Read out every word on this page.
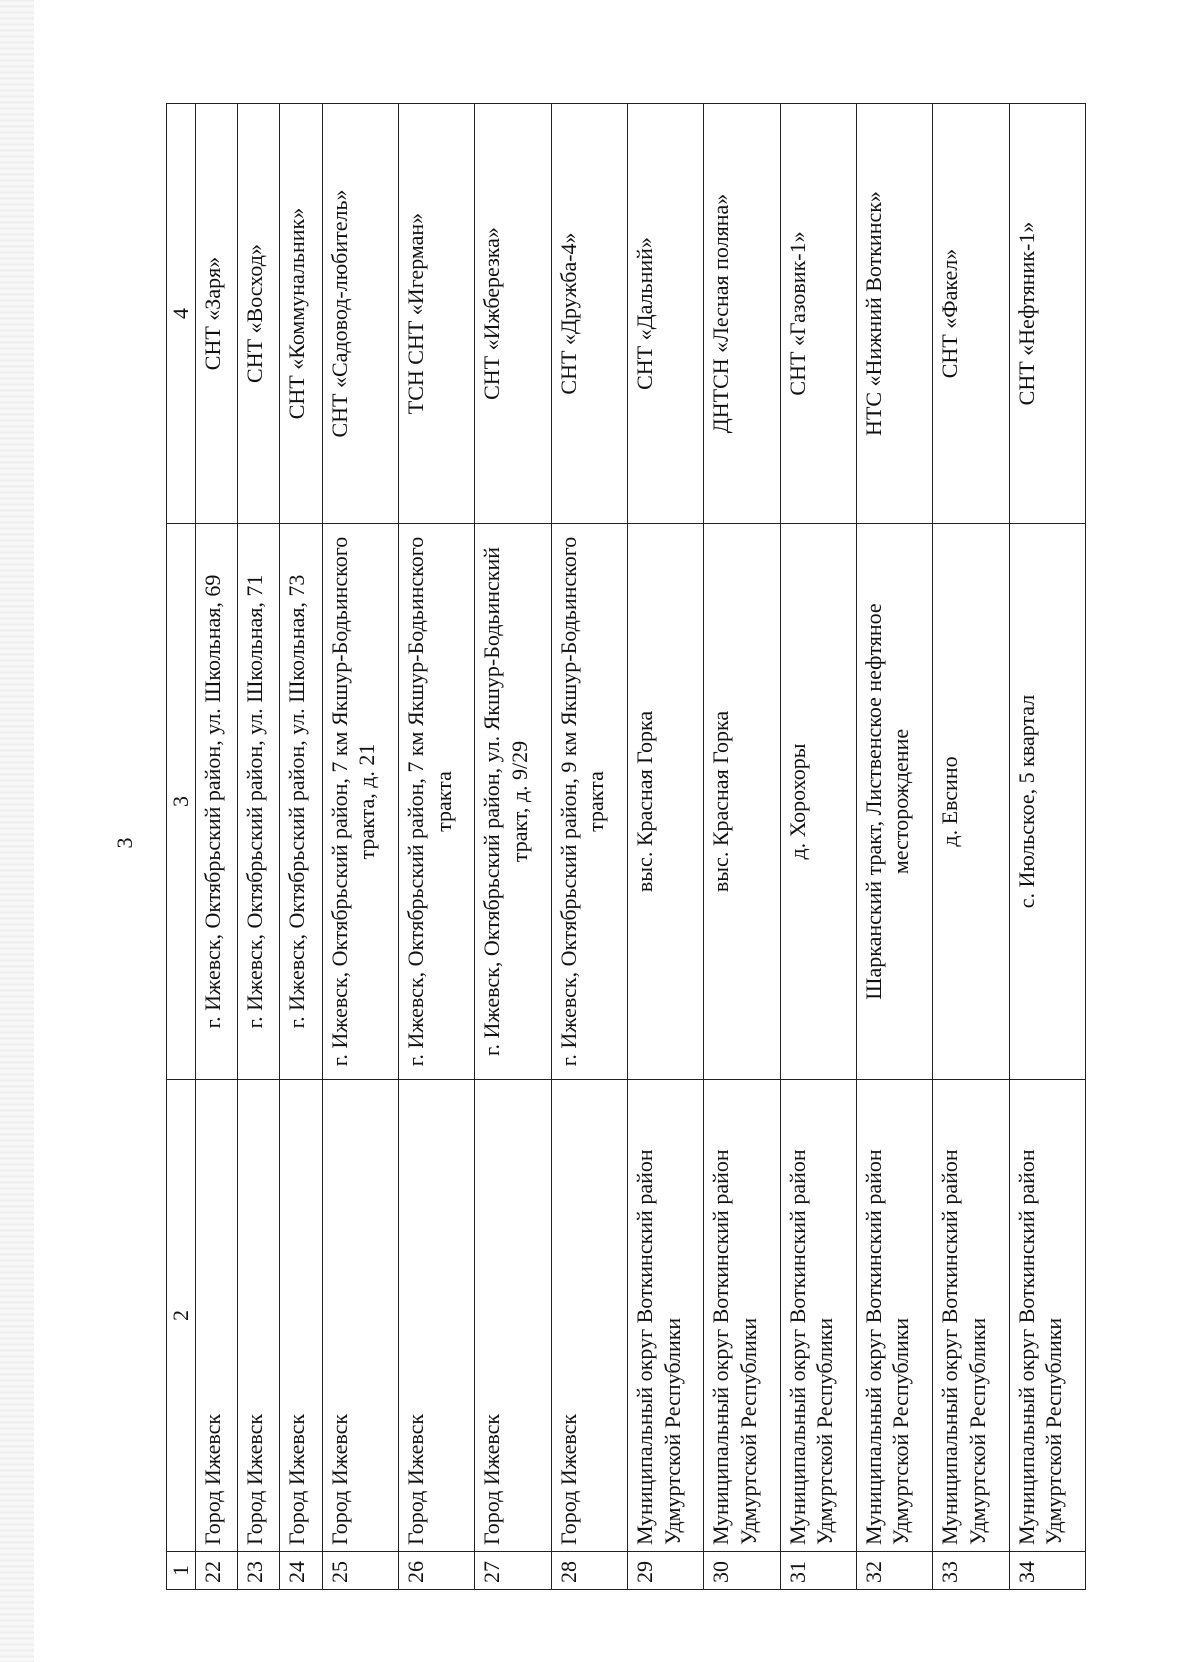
3
1	2	3	4
22	Город Ижевск	г. Ижевск, Октябрьский район, ул. Школьная, 69	СНТ «Заря»
23	Город Ижевск	г. Ижевск, Октябрьский район, ул. Школьная, 71	СНТ «Восход»
24	Город Ижевск	г. Ижевск, Октябрьский район, ул. Школьная, 73	СНТ «Коммунальник»
25	Город Ижевск	г. Ижевск, Октябрьский район, 7 км Якшур-Бодьинского тракта, д. 21	СНТ «Садовод-любитель»
26	Город Ижевск	г. Ижевск, Октябрьский район, 7 км Якшур-Бодьинского тракта	ТСН СНТ «Игерман»
27	Город Ижевск	г. Ижевск, Октябрьский район, ул. Якшур-Бодьинский тракт, д. 9/29	СНТ «Ижберезка»
28	Город Ижевск	г. Ижевск, Октябрьский район, 9 км Якшур-Бодьинского тракта	СНТ «Дружба-4»
29	Муниципальный округ Воткинский район Удмуртской Республики	выс. Красная Горка	СНТ «Дальний»
30	Муниципальный округ Воткинский район Удмуртской Республики	выс. Красная Горка	ДНТСН «Лесная поляна»
31	Муниципальный округ Воткинский район Удмуртской Республики	д. Хорохоры	СНТ «Газовик-1»
32	Муниципальный округ Воткинский район Удмуртской Республики	Шарканский тракт, Лиственское нефтяное месторождение	НТС «Нижний Воткинск»
33	Муниципальный округ Воткинский район Удмуртской Республики	д. Евсино	СНТ «Факел»
34	Муниципальный округ Воткинский район Удмуртской Республики	с. Июльское, 5 квартал	СНТ «Нефтяник-1»
